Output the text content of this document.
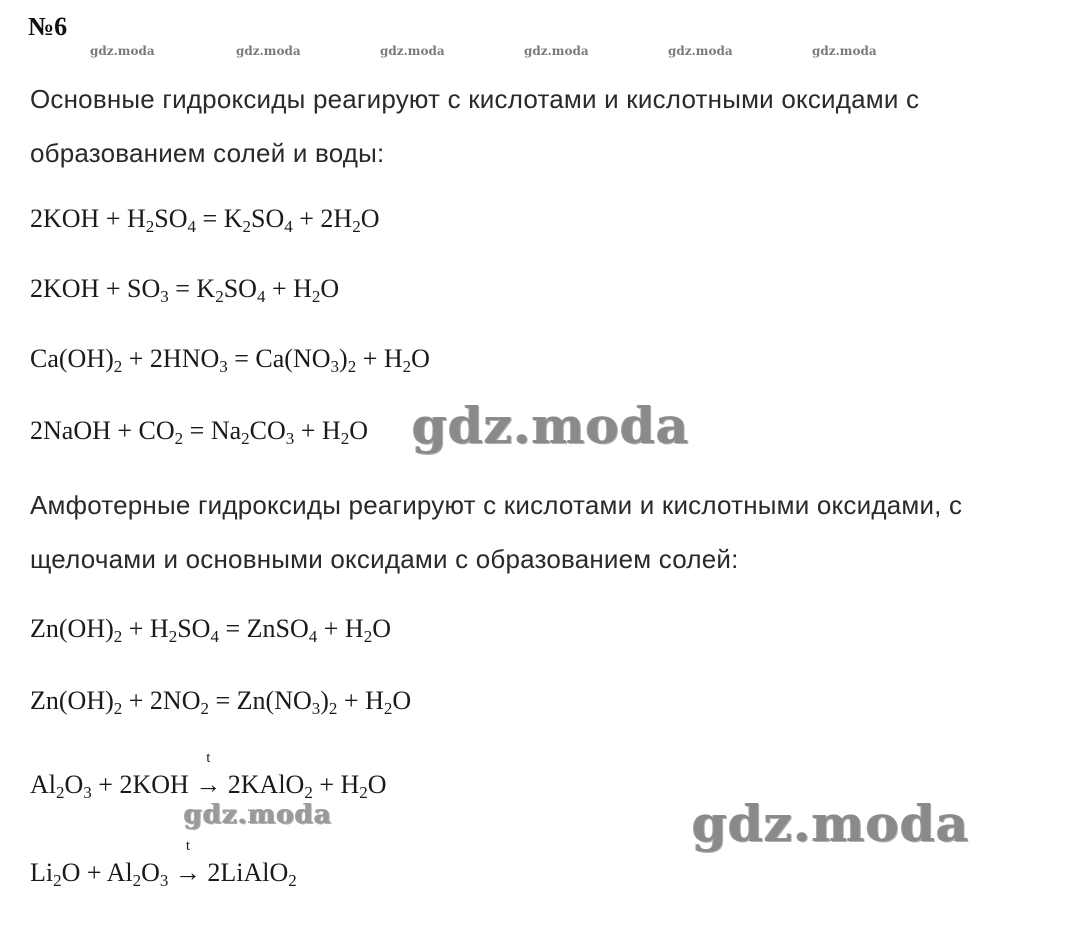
№6
gdz.moda	gdz.moda	gdz.moda	gdz.moda	gdz.moda	gdz.moda
Основные гидроксиды реагируют с кислотами и кислотными оксидами с
образованием солей и воды:
$2KOH + H_2SO_4 = K_2SO_4 + 2H_2O$
$2KOH + SO_3 = K_2SO_4 + H_2O$
$Ca(OH)_2 + 2HNO_3 = Ca(NO_3)_2 + H_2O$
2NaOH + $CO_2 = Na_2CO_3 + H_2O$
Амфотерные гидроксиды реагируют с кислотами и кислотными оксидами, с
щелочами и основными оксидами с образованием солей:
$Zn(OH)_2 + H_2SO_4$ = ZnSO$_4$ + $H_2O$
$Zn(OH)_2 + 2NO_2 = Zn(NO_3)_2 + H_2O$
$Al_2O_3 + 2KOH$
t
→ 2KAlO$_2$ + $H_2O$
$Li_2O + Al_2O_3$
t
→ 2LiAlO$_2$
gdz.moda
gdz.moda	gdz.moda
